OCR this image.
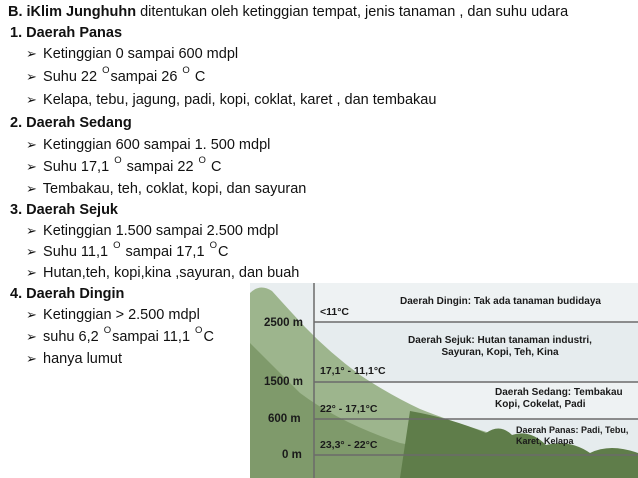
B. iKlim Junghuhn ditentukan oleh ketinggian tempat, jenis tanaman , dan suhu udara
1. Daerah Panas
➢ Ketinggian 0 sampai 600 mdpl
➢ Suhu 22 $^O$sampai 26 $^O$ C
➢ Kelapa, tebu, jagung, padi, kopi, coklat, karet , dan tembakau
2. Daerah Sedang
➢ Ketinggian 600 sampai 1. 500 mdpl
➢ Suhu 17,1 $^O$ sampai 22 $^O$ C
➢ Tembakau, teh, coklat, kopi, dan sayuran
3. Daerah Sejuk
➢ Ketinggian 1.500 sampai 2.500 mdpl
➢ Suhu 11,1 $^O$ sampai 17,1 $^O$C
➢ Hutan,teh, kopi,kina ,sayuran, dan buah
4. Daerah Dingin
➢ Ketinggian > 2.500 mdpl
➢ suhu 6,2 $^O$sampai 11,1 $^O$C
➢ hanya lumut
2500 m
1500 m
600 m
0 m
<11°C
17,1° - 11,1°C
22° - 17,1°C
23,3° - 22°C
Daerah Dingin: Tak ada tanaman budidaya
Daerah Sejuk: Hutan tanaman industri,
Sayuran, Kopi, Teh, Kina
Daerah Sedang: Tembakau
Kopi, Cokelat, Padi
Daerah Panas: Padi, Tebu,
Karet, Kelapa
